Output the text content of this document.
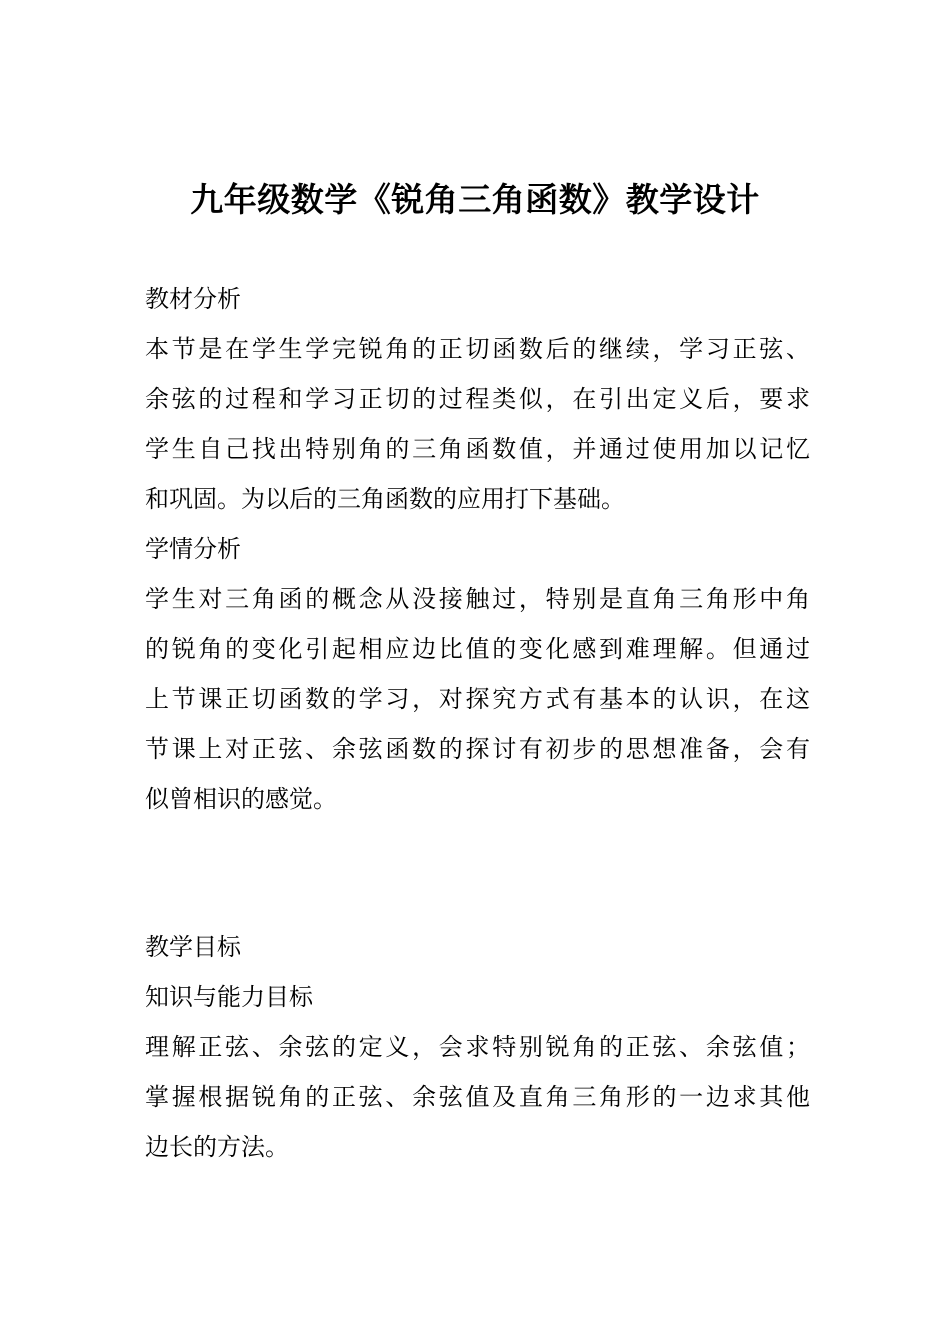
九年级数学《锐角三角函数》教学设计
教材分析
本节是在学生学完锐角的正切函数后的继续，学习正弦、
余弦的过程和学习正切的过程类似，在引出定义后，要求
学生自己找出特别角的三角函数值，并通过使用加以记忆
和巩固。为以后的三角函数的应用打下基础。
学情分析
学生对三角函的概念从没接触过，特别是直角三角形中角
的锐角的变化引起相应边比值的变化感到难理解。但通过
上节课正切函数的学习，对探究方式有基本的认识，在这
节课上对正弦、余弦函数的探讨有初步的思想准备，会有
似曾相识的感觉。
教学目标
知识与能力目标
理解正弦、余弦的定义，会求特别锐角的正弦、余弦值；
掌握根据锐角的正弦、余弦值及直角三角形的一边求其他
边长的方法。
